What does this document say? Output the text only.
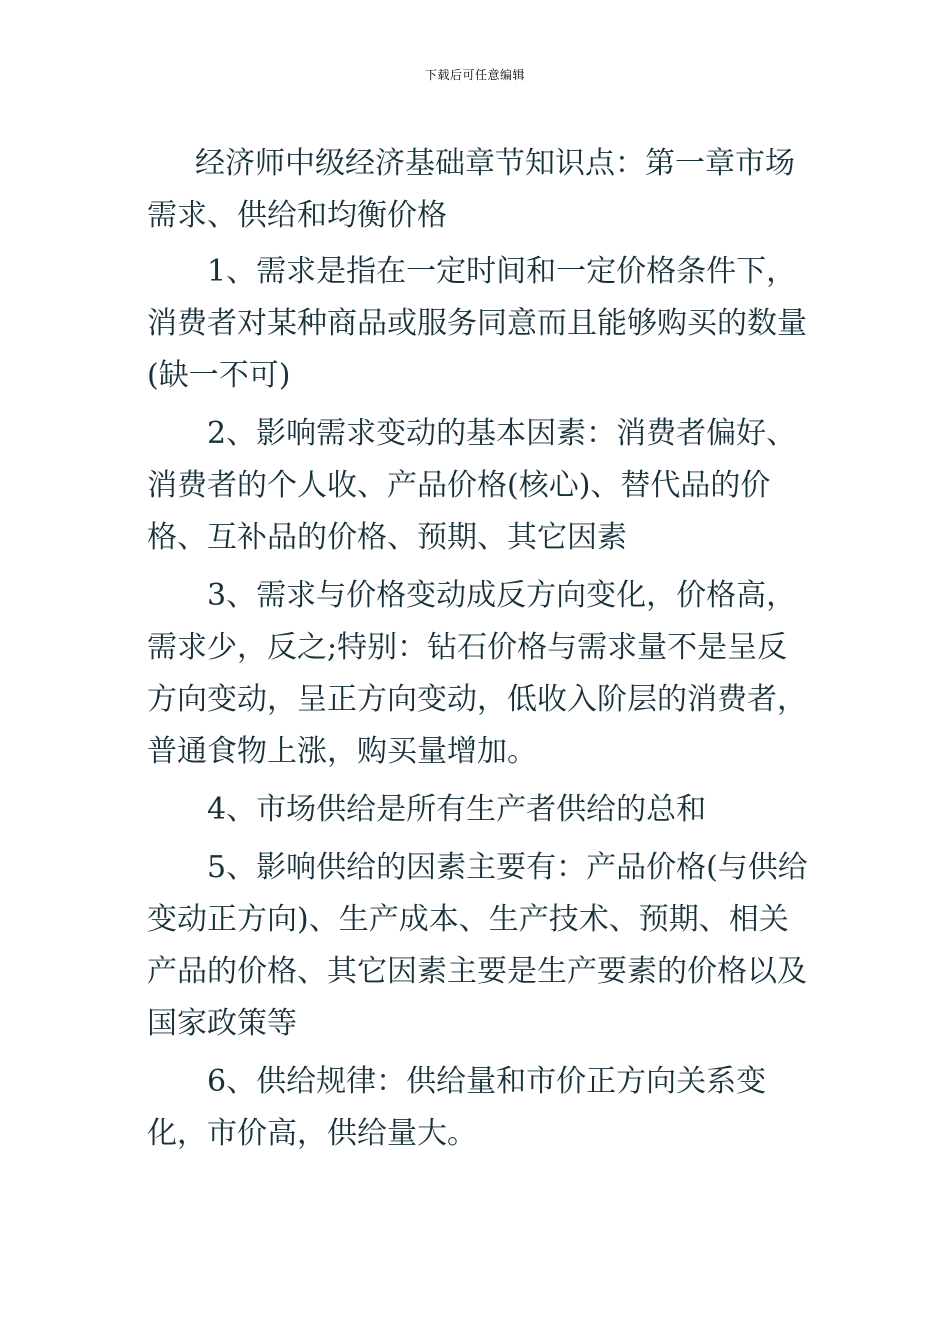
下载后可任意编辑
经济师中级经济基础章节知识点：第一章市场需求、供给和均衡价格

1、需求是指在一定时间和一定价格条件下，消费者对某种商品或服务同意而且能够购买的数量(缺一不可)

2、影响需求变动的基本因素：消费者偏好、消费者的个人收、产品价格(核心)、替代品的价格、互补品的价格、预期、其它因素

3、需求与价格变动成反方向变化，价格高，需求少，反之;特别：钻石价格与需求量不是呈反方向变动，呈正方向变动，低收入阶层的消费者，普通食物上涨，购买量增加。

4、市场供给是所有生产者供给的总和

5、影响供给的因素主要有：产品价格(与供给变动正方向)、生产成本、生产技术、预期、相关产品的价格、其它因素主要是生产要素的价格以及国家政策等

6、供给规律：供给量和市价正方向关系变化，市价高，供给量大。
